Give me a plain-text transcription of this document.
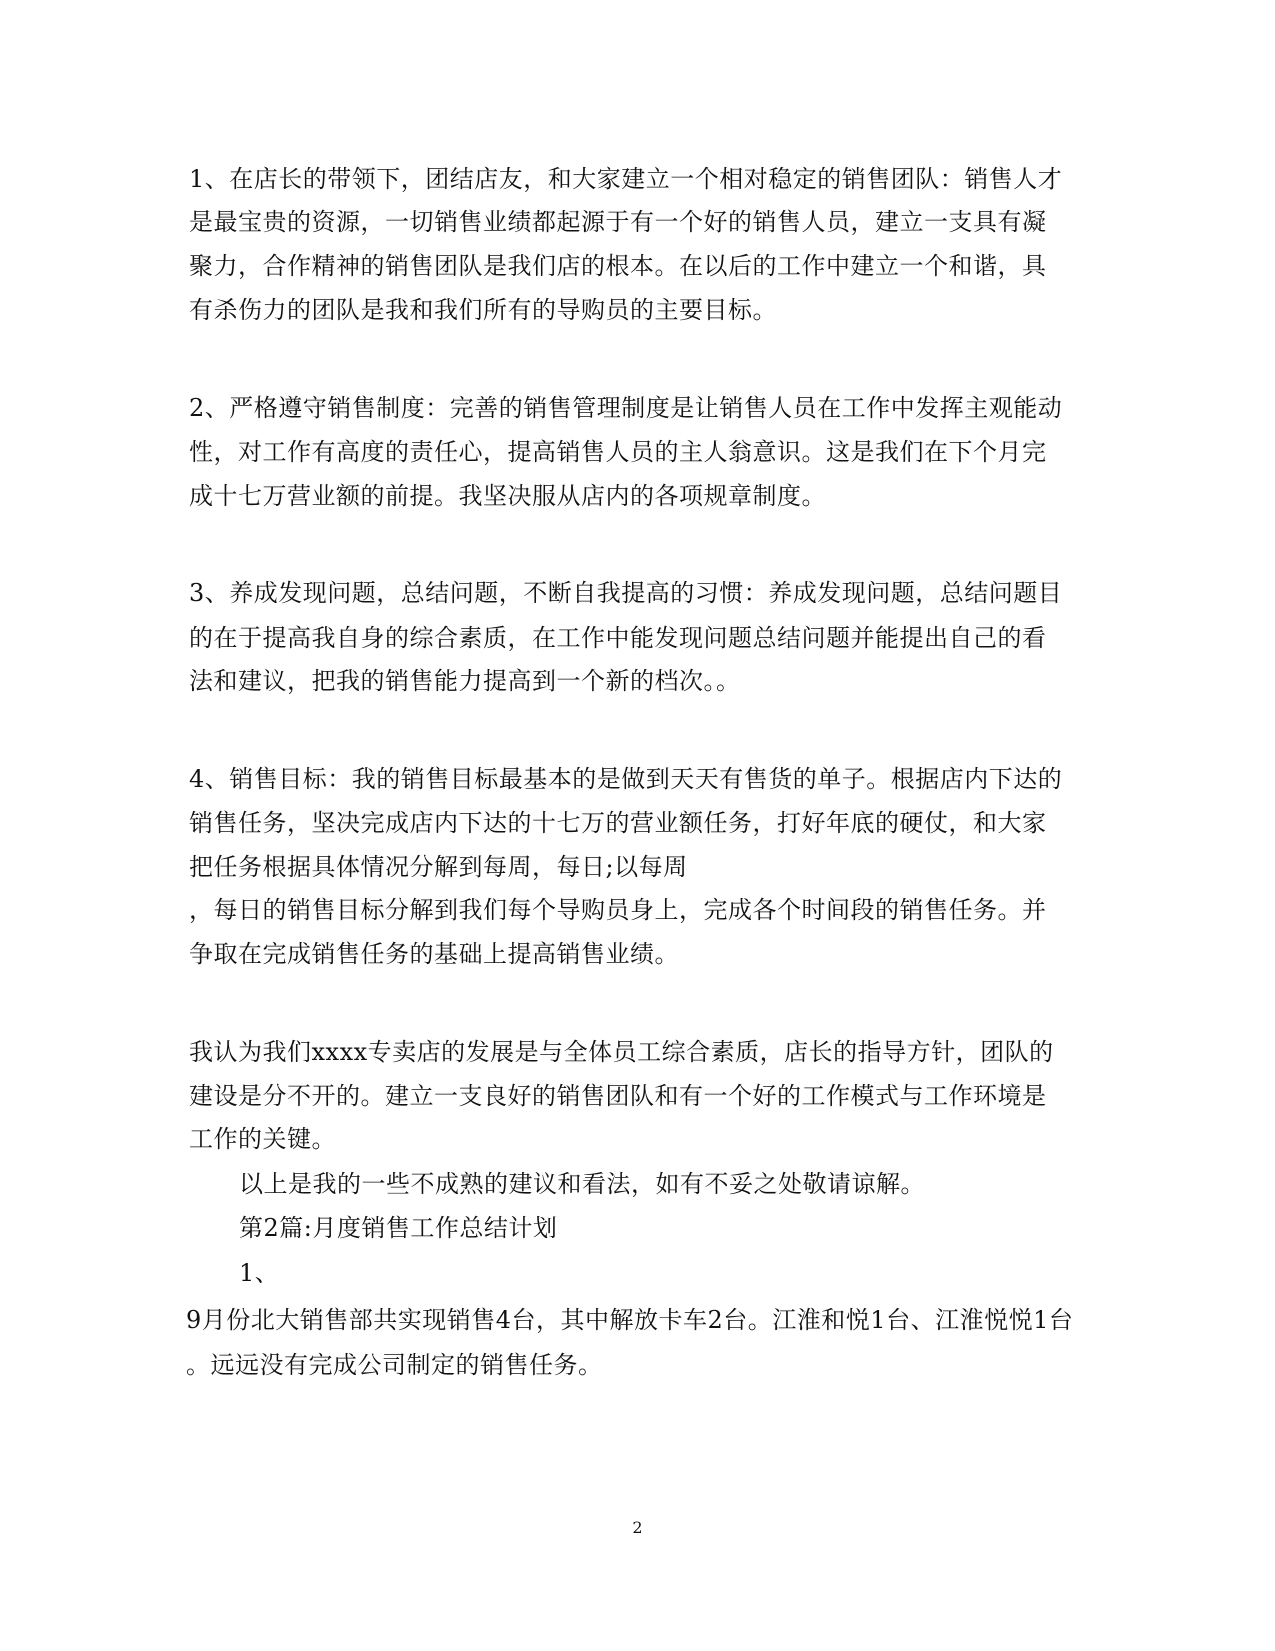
1、在店长的带领下，团结店友，和大家建立一个相对稳定的销售团队：销售人才
是最宝贵的资源，一切销售业绩都起源于有一个好的销售人员，建立一支具有凝
聚力，合作精神的销售团队是我们店的根本。在以后的工作中建立一个和谐，具
有杀伤力的团队是我和我们所有的导购员的主要目标。
2、严格遵守销售制度：完善的销售管理制度是让销售人员在工作中发挥主观能动
性，对工作有高度的责任心，提高销售人员的主人翁意识。这是我们在下个月完
成十七万营业额的前提。我坚决服从店内的各项规章制度。
3、养成发现问题，总结问题，不断自我提高的习惯：养成发现问题，总结问题目
的在于提高我自身的综合素质，在工作中能发现问题总结问题并能提出自己的看
法和建议，把我的销售能力提高到一个新的档次。。
4、销售目标：我的销售目标最基本的是做到天天有售货的单子。根据店内下达的
销售任务，坚决完成店内下达的十七万的营业额任务，打好年底的硬仗，和大家
把任务根据具体情况分解到每周，每日;以每周
，每日的销售目标分解到我们每个导购员身上，完成各个时间段的销售任务。并
争取在完成销售任务的基础上提高销售业绩。
我认为我们xxxx专卖店的发展是与全体员工综合素质，店长的指导方针，团队的
建设是分不开的。建立一支良好的销售团队和有一个好的工作模式与工作环境是
工作的关键。
以上是我的一些不成熟的建议和看法，如有不妥之处敬请谅解。
第2篇:月度销售工作总结计划
1、
9月份北大销售部共实现销售4台，其中解放卡车2台。江淮和悦1台、江淮悦悦1台
。远远没有完成公司制定的销售任务。
2
